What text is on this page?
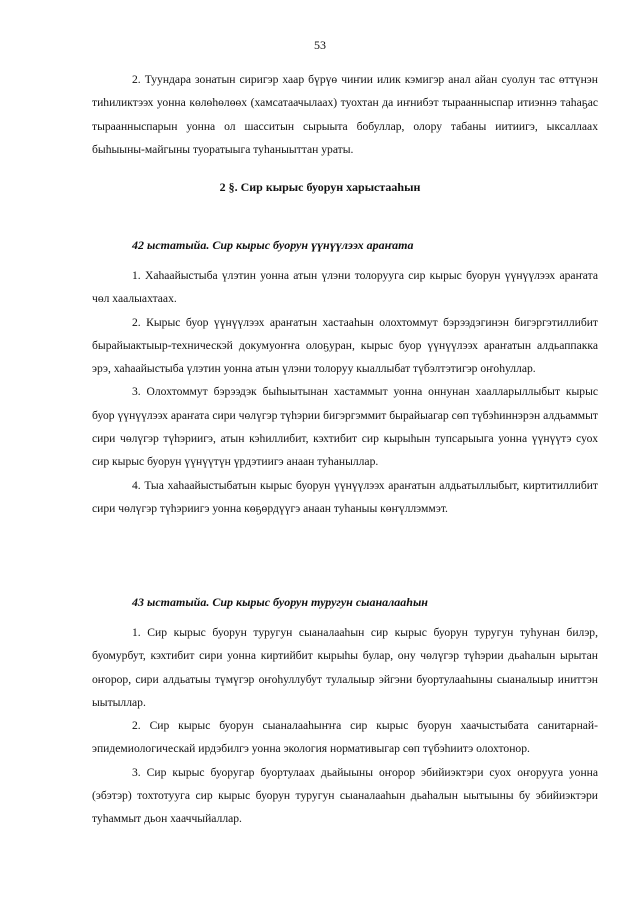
53

2. Туундара зонатын сиригэр хаар бүрүө чиҥии илик кэмигэр анал айан суолун тас өттүнэн тиһиликтээх уонна көлөһөлөөх (хамсатаачылаах) туохтан да иҥнибэт тыраанныспар итиэннэ таһаҕас тыраанныспарын уонна ол шасситын сырыыта бобуллар, олору табаны иитиигэ, ыксаллаах быһыыны-майгыны туоратыыга туһаныыттан ураты.

2 §. Сир кырыс буорун харыстааһын
42 ыстатыйа. Сир кырыс буорун үүнүүлээх араҥата

1. Хаһаайыстыба үлэтин уонна атын үлэни толорууга сир кырыс буорун үүнүүлээх араҥата чөл хаалыахтаах.

2. Кырыс буор үүнүүлээх араҥатын хастааһын олохтоммут бэрээдэгинэн бигэргэтиллибит бырайыактыыр-техническэй докумуоҥҥа олоҕуран, кырыс буор үүнүүлээх араҥатын алдьаппакка эрэ, хаһаайыстыба үлэтин уонна атын үлэни толоруу кыаллыбат түбэлтэтигэр оҥоһуллар.

3. Олохтоммут бэрээдэк быһыытынан хастаммыт уонна оннунан хаалларыллыбыт кырыс буор үүнүүлээх араҥата сири чөлүгэр түһэрии бигэргэммит бырайыагар сөп түбэһиннэрэн алдьаммыт сири чөлүгэр түһэриигэ, атын кэһиллибит, кэхтибит сир кырыһын тупсарыыга уонна үүнүүтэ суох сир кырыс буорун үүнүүтүн үрдэтиигэ анаан туһаныллар.

4. Тыа хаһаайыстыбатын кырыс буорун үүнүүлээх араҥатын алдьатыллыбыт, киртитиллибит сири чөлүгэр түһэриигэ уонна көҕөрдүүгэ анаан туһаныы көҥүллэммэт.

43 ыстатыйа. Сир кырыс буорун туругун сыаналааһын

1. Сир кырыс буорун туругун сыаналааһын сир кырыс буорун туругун туһунан билэр, буомурбут, кэхтибит сири уонна киртийбит кырыһы булар, ону чөлүгэр түһэрии дьаһалын ырытан оҥорор, сири алдьатыы түмүгэр оҥоһуллубут тулалыыр эйгэни буортулааһыны сыаналыыр иниттэн ыытыллар.

2. Сир кырыс буорун сыаналааһыҥҥа сир кырыс буорун хаачыстыбата санитарнай-эпидемиологическай ирдэбилгэ уонна экология нормативыгар сөп түбэһиитэ олохтонор.

3. Сир кырыс буоругар буортулаах дьайыыны оҥорор эбийиэктэри суох оҥорууга уонна (эбэтэр) тохтотууга сир кырыс буорун туругун сыаналааһын дьаһалын ыытыыны бу эбийиэктэри туһаммыт дьон хааччыйаллар.
